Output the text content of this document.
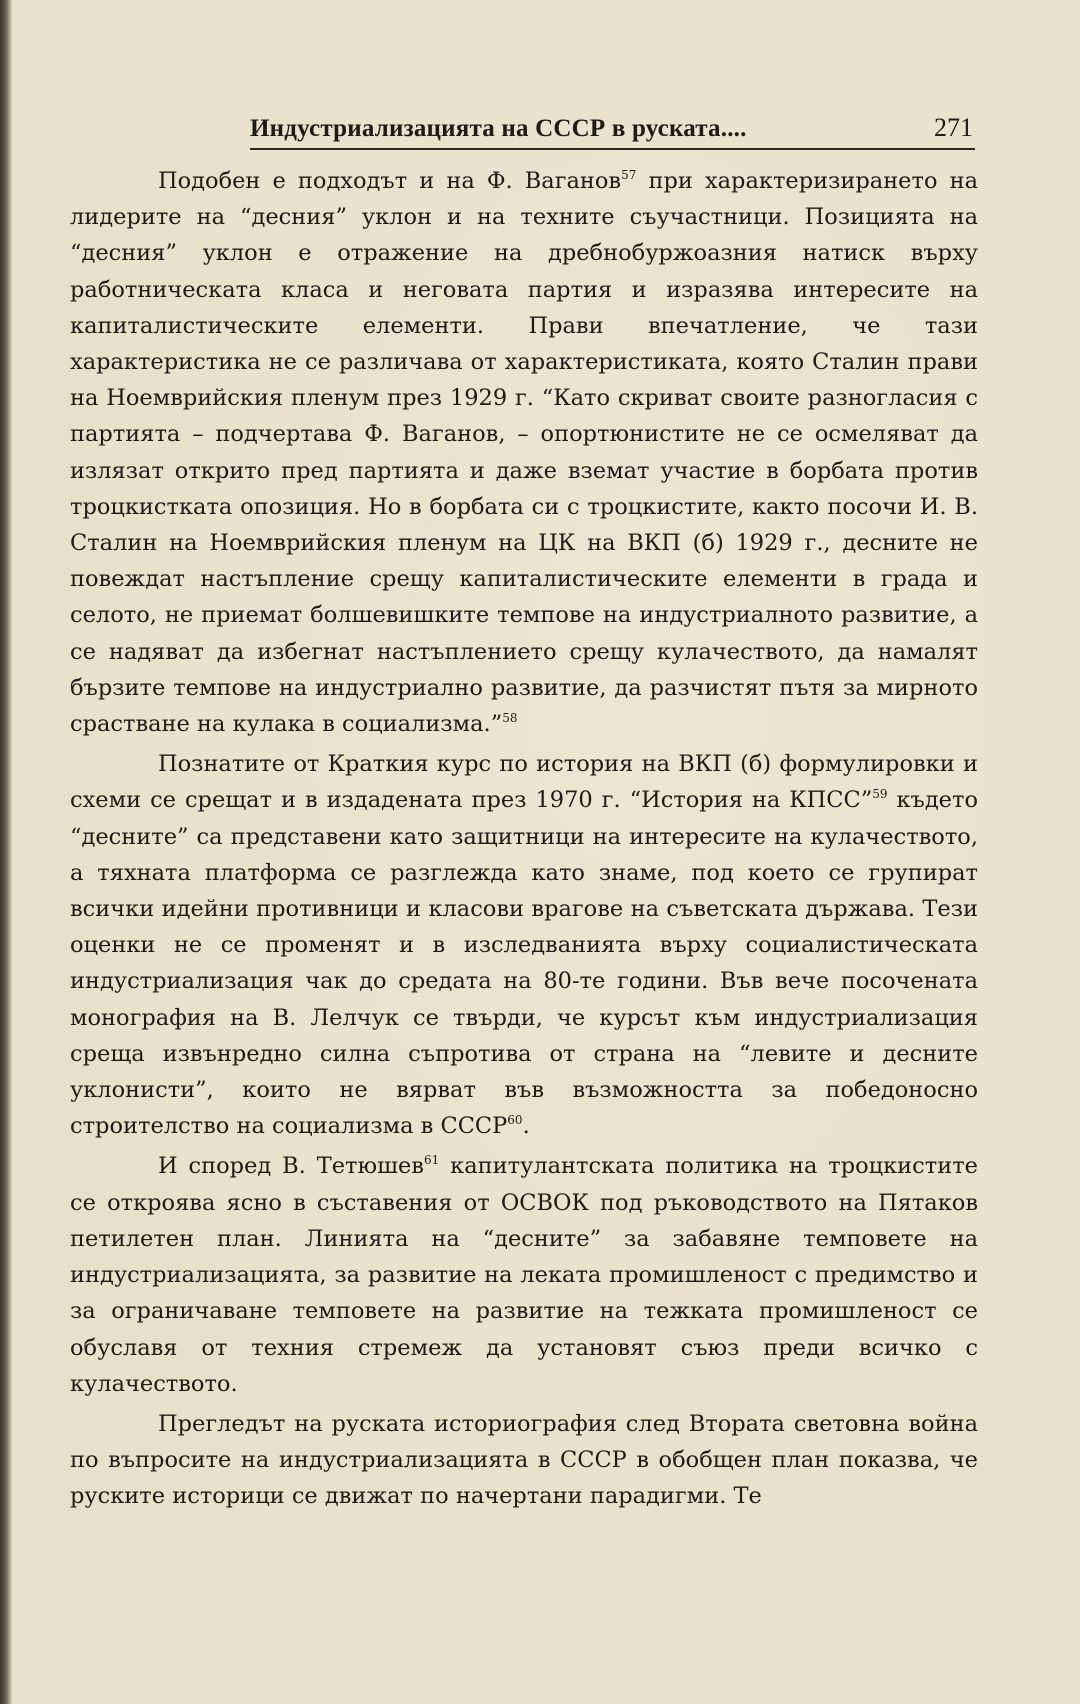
Индустриализацията на СССР в руската....	271

Подобен е подходът и на Ф. Ваганов$^{57}$ при характеризирането на лидерите на “десния” уклон и на техните съучастници. Позицията на “десния” уклон е отражение на дребнобуржоазния натиск върху работническата класа и неговата партия и изразява интересите на капиталистическите елементи. Прави впечатление, че тази характеристика не се различава от характеристиката, която Сталин прави на Ноемврийския пленум през 1929 г. “Като скриват своите разногласия с партията – подчертава Ф. Ваганов, – опортюнистите не се осмеляват да излязат открито пред партията и даже вземат участие в борбата против троцкистката опозиция. Но в борбата си с троцкистите, както посочи И. В. Сталин на Ноемврийския пленум на ЦК на ВКП (б) 1929 г., десните не повеждат настъпление срещу капиталистическите елементи в града и селото, не приемат болшевишките темпове на индустриалното развитие, а се надяват да избегнат настъплението срещу кулачеството, да намалят бързите темпове на индустриално развитие, да разчистят пътя за мирното срастване на кулака в социализма.”$^{58}$

Познатите от Краткия курс по история на ВКП (б) формулировки и схеми се срещат и в издадената през 1970 г. “История на КПСС”$^{59}$ където “десните” са представени като защитници на интересите на кулачеството, а тяхната платформа се разглежда като знаме, под което се групират всички идейни противници и класови врагове на съветската държава. Тези оценки не се променят и в изследванията върху социалистическата индустриализация чак до средата на 80-те години. Във вече посочената монография на В. Лелчук се твърди, че курсът към индустриализация среща извънредно силна съпротива от страна на “левите и десните уклонисти”, които не вярват във възможността за победоносно строителство на социализма в СССР$^{60}$.

И според В. Тетюшев$^{61}$ капитулантската политика на троцкистите се откроява ясно в съставения от ОСВОК под ръководството на Пятаков петилетен план. Линията на “десните” за забавяне темповете на индустриализацията, за развитие на леката промишленост с предимство и за ограничаване темповете на развитие на тежката промишленост се обуславя от техния стремеж да установят съюз преди всичко с кулачеството.

Прегледът на руската историография след Втората световна война по въпросите на индустриализацията в СССР в обобщен план показва, че руските историци се движат по начертани парадигми. Те
